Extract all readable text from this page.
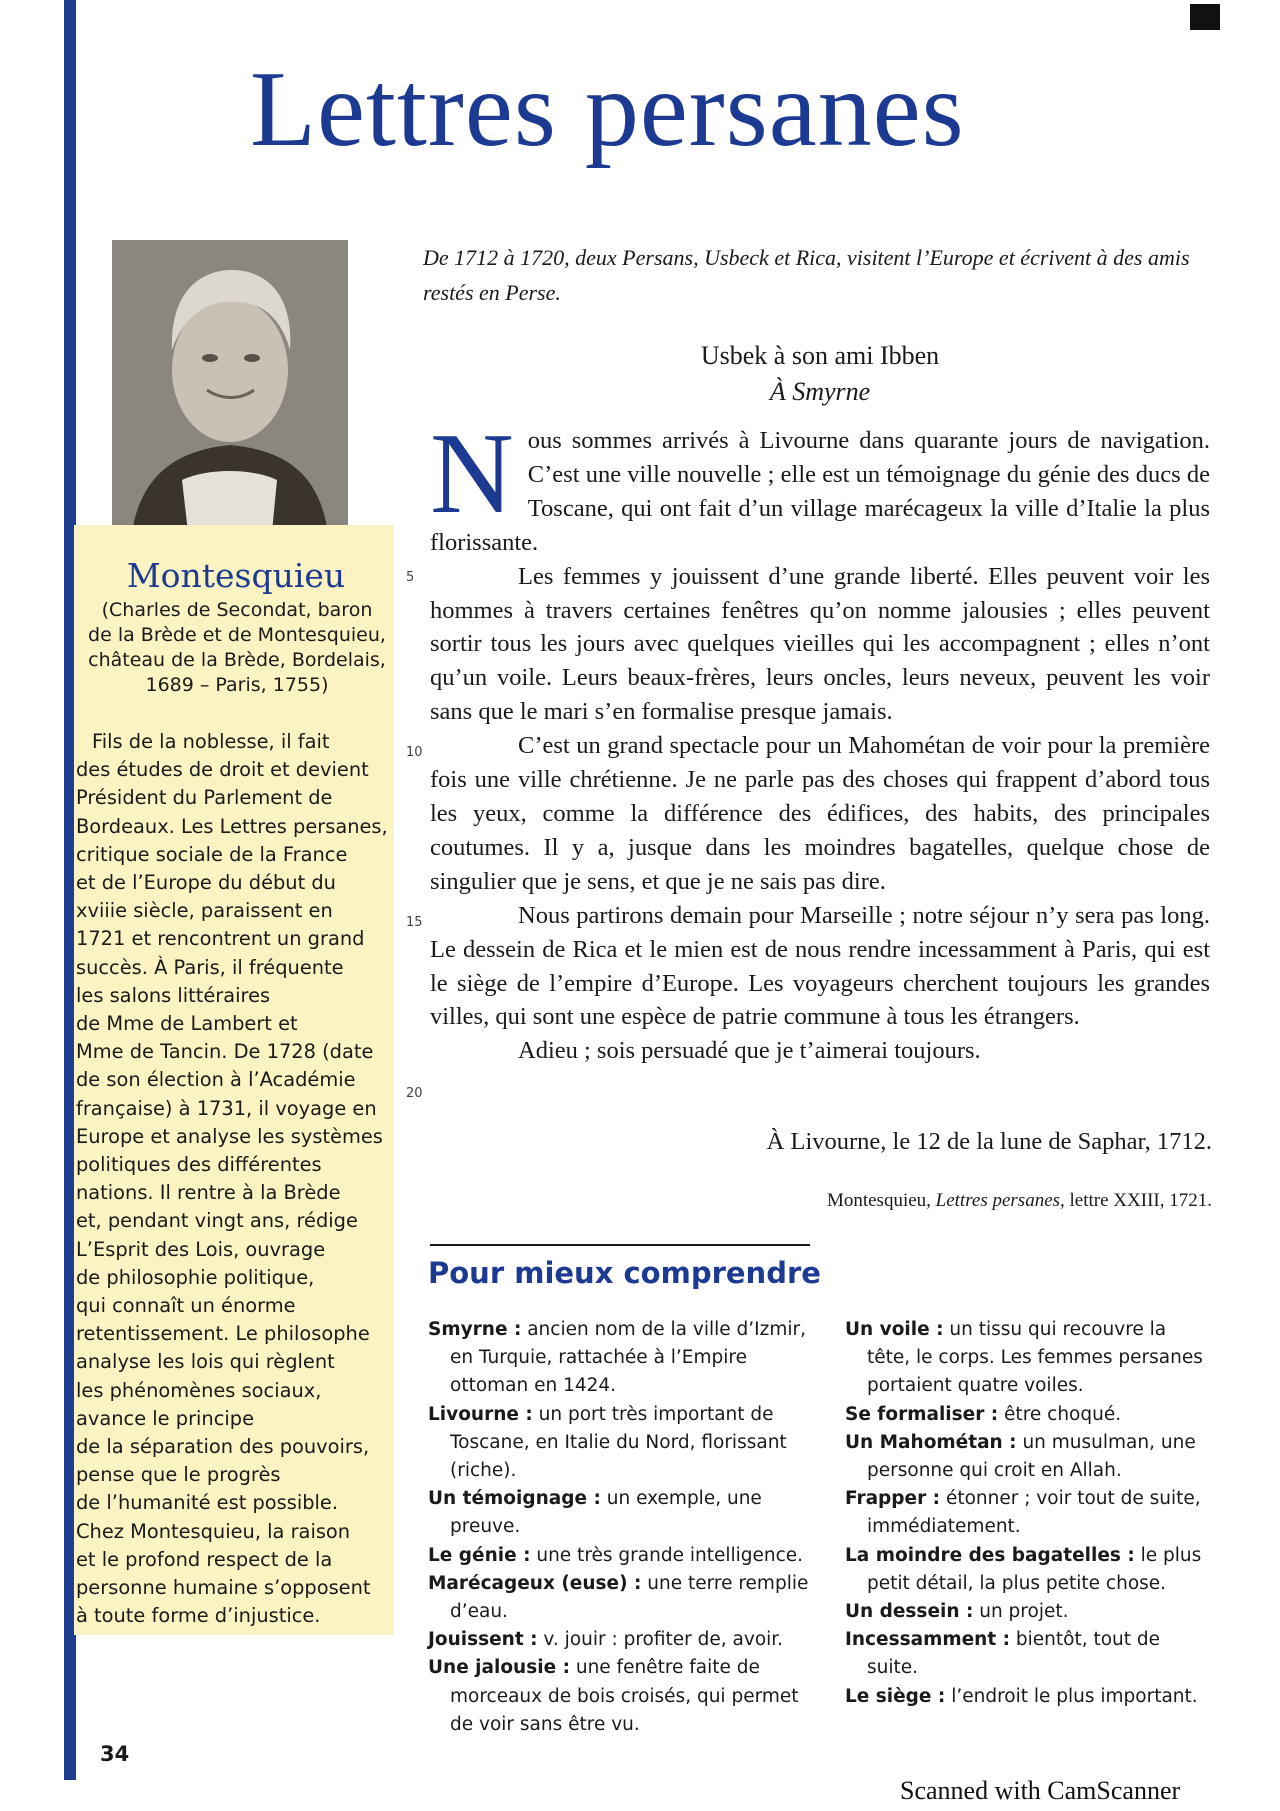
Lettres persanes
Montesquieu
(Charles de Secondat, baron
de la Brède et de Montesquieu,
château de la Brède, Bordelais,
1689 – Paris, 1755)
Fils de la noblesse, il fait
des études de droit et devient
Président du Parlement de
Bordeaux. Les Lettres persanes,
critique sociale de la France
et de l’Europe du début du
xviiie siècle, paraissent en
1721 et rencontrent un grand
succès. À Paris, il fréquente
les salons littéraires
de Mme de Lambert et
Mme de Tancin. De 1728 (date
de son élection à l’Académie
française) à 1731, il voyage en
Europe et analyse les systèmes
politiques des différentes
nations. Il rentre à la Brède
et, pendant vingt ans, rédige
L’Esprit des Lois, ouvrage
de philosophie politique,
qui connaît un énorme
retentissement. Le philosophe
analyse les lois qui règlent
les phénomènes sociaux,
avance le principe
de la séparation des pouvoirs,
pense que le progrès
de l’humanité est possible.
Chez Montesquieu, la raison
et le profond respect de la
personne humaine s’opposent
à toute forme d’injustice.
De 1712 à 1720, deux Persans, Usbeck et Rica, visitent l’Europe et écrivent à des amis restés en Perse.
Usbek à son ami Ibben
À Smyrne

Nous sommes arrivés à Livourne dans quarante jours de navigation. C’est une ville nouvelle ; elle est un témoignage du génie des ducs de Toscane, qui ont fait d’un village marécageux la ville d’Italie la plus florissante.

Les femmes y jouissent d’une grande liberté. Elles peuvent voir les hommes à travers certaines fenêtres qu’on nomme jalousies ; elles peuvent sortir tous les jours avec quelques vieilles qui les accompagnent ; elles n’ont qu’un voile. Leurs beaux-frères, leurs oncles, leurs neveux, peuvent les voir sans que le mari s’en formalise presque jamais.

C’est un grand spectacle pour un Mahométan de voir pour la première fois une ville chrétienne. Je ne parle pas des choses qui frappent d’abord tous les yeux, comme la différence des édifices, des habits, des principales coutumes. Il y a, jusque dans les moindres bagatelles, quelque chose de singulier que je sens, et que je ne sais pas dire.

Nous partirons demain pour Marseille ; notre séjour n’y sera pas long. Le dessein de Rica et le mien est de nous rendre incessamment à Paris, qui est le siège de l’empire d’Europe. Les voyageurs cherchent toujours les grandes villes, qui sont une espèce de patrie commune à tous les étrangers.

Adieu ; sois persuadé que je t’aimerai toujours.

5
10
15
20
À Livourne, le 12 de la lune de Saphar, 1712.
Montesquieu, Lettres persanes, lettre XXIII, 1721.
Pour mieux comprendre

Smyrne : ancien nom de la ville d’Izmir, en Turquie, rattachée à l’Empire ottoman en 1424.

Livourne : un port très important de Toscane, en Italie du Nord, florissant (riche).

Un témoignage : un exemple, une preuve.

Le génie : une très grande intelligence.

Marécageux (euse) : une terre remplie d’eau.

Jouissent : v. jouir : profiter de, avoir.

Une jalousie : une fenêtre faite de morceaux de bois croisés, qui permet de voir sans être vu.

Un voile : un tissu qui recouvre la tête, le corps. Les femmes persanes portaient quatre voiles.

Se formaliser : être choqué.

Un Mahométan : un musulman, une personne qui croit en Allah.

Frapper : étonner ; voir tout de suite, immédiatement.

La moindre des bagatelles : le plus petit détail, la plus petite chose.

Un dessein : un projet.

Incessamment : bientôt, tout de suite.

Le siège : l’endroit le plus important.

34
Scanned with CamScanner
